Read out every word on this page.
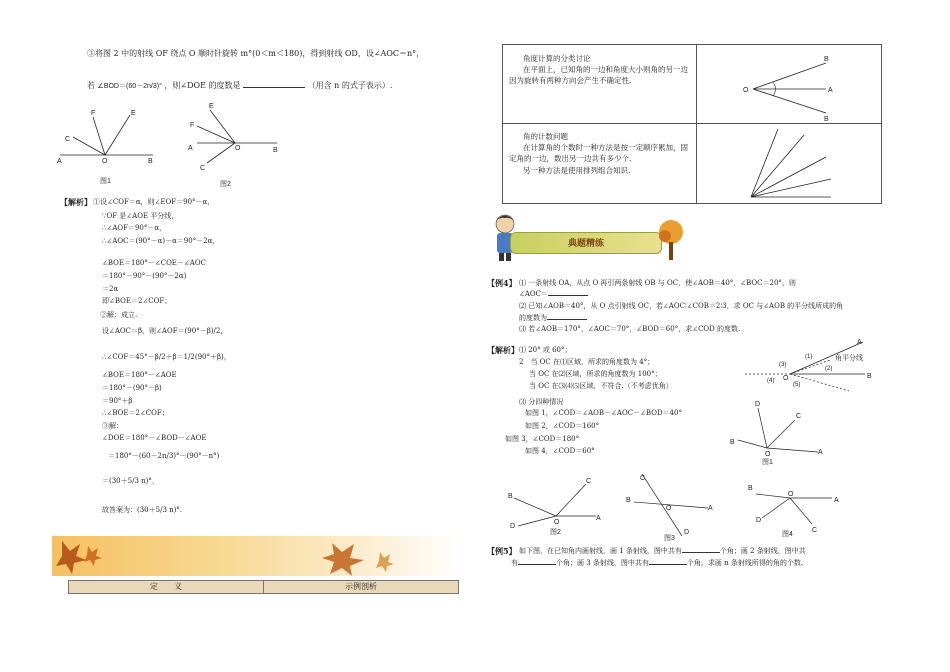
③将图 2 中的射线 OF 绕点 O 顺时针旋转 m°(0＜m＜180)，得到射线 OD，设∠AOC＝n°，
若 ∠BOD＝(60－2n/3)° ，则∠DOE 的度数是	（用含 n 的式子表示）.
F	E
C
A	O	B
图1
E
F
A	O	B
C
图2
【解析】 ①设∠COF＝α，则∠EOF＝90°－α，
∵OF 是∠AOE 平分线，
∴∠AOF＝90°－α，
∴∠AOC＝(90°－α)－α＝90°－2α，
∠BOE＝180°－∠COE－∠AOC
＝180°－90°－(90°－2α)
＝2α
即∠BOE＝2∠COF；
②解：成立.
设∠AOC＝β，则∠AOF＝(90°－β)/2，
∴∠COF＝45°－β/2＋β＝1/2(90°＋β)，
∠BOE＝180°－∠AOE
＝180°－(90°－β)
＝90°＋β
∴∠BOE＝2∠COF；
③解：
∠DOE＝180°－∠BOD－∠AOE
＝180°－(60－2n/3)°－(90°－n°)
＝(30＋5/3 n)°，
故答案为：(30＋5/3 n)°.
定　　义	示例剖析
角度计算的分类讨论
在平面上，已知角的一边和角度大小则角的另一边因为旋转有两种方向会产生不确定性.
角的计数问题
在计算角的个数时一种方法是按一定顺序累加，固定角的一边，数出另一边共有多少个.
另一种方法是使用排列组合知识.
B
O	A
B
典题精练
【例4】 ⑴ 一条射线 OA，从点 O 再引两条射线 OB 与 OC，使∠AOB＝40°，∠BOC＝20°，则
∠AOC＝
⑵ 已知∠AOB＝40°，从 O 点引射线 OC，若∠AOC∶∠COB＝2∶3，求 OC 与∠AOB 的平分线所成的角
的度数为
⑶ 若∠AOB＝170°，∠AOC＝70°，∠BOD＝60°，求∠COD 的度数.
【解析】 ⑴ 20° 或 60°；
2　当 OC 在⑴区域，所求的角度数为 4°；
当 OC 在⑵区域，所求的角度数为 100°；
当 OC 在⑶⑷⑸区域，不符合.（不考虑优角）
⑶ 分四种情况
如图 1，∠COD＝∠AOB－∠AOC－∠BOD＝40°
如图 2，∠COD＝160°
如图 3，∠COD＝180°
如图 4，∠COD＝60°
A
角平分线
B
O
(1)
(2)
(3)
(4)
(5)
D
C
B
O	A
图1
C
B
O
A
D
图2
C
B
O	A
D
图3
B
O
A
C
D
图4
【例5】 如下图，在已知角内画射线，画 1 条射线，图中共有	个角；画 2 条射线，图中共
有	个角；画 3 条射线，图中共有	个角，求画 n 条射线所得的角的个数.
